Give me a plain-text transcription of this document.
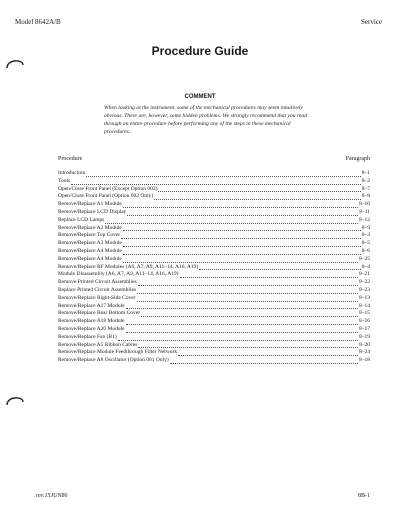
Model 8642A/B	Service
Procedure Guide
COMMENT
When looking at the instrument, some of the mechanical procedures may seem intuitively obvious. There are, however, some hidden problems. We strongly recommend that you read through an entire procedure before performing any of the steps in these mechanical procedures.
Procedure	Paragraph
Introduction	8–1
Tools	8–2
Open/Close Front Panel (Except Option 002)	8–7
Open/Close Front Panel (Option 002 Only)	8–8
Remove/Replace A1 Module	8–10
Remove/Replace LCD Display	8–11
Replace LCD Lamps	8–12
Remove/Replace A2 Module	8–9
Remove/Replace Top Cover	8–3
Remove/Replace A3 Module	8–5
Remove/Replace A4 Module	8–6
Remove/Replace A4 Module	8–25
Remove/Replace RF Modules (A6, A7, A9, A11–14, A16, A19)	8–4
Module Disassembly (A6, A7, A9, A11–14, A16, A19)	8–21
Remove Printed Circuit Assemblies	8–22
Replace Printed Circuit Assemblies	8–23
Remove/Replace Right-Side Cover	8–13
Remove/Replace A17 Module	8–14
Remove/Replace Rear Bottom Cover	8–15
Remove/Replace A18 Module	8–16
Remove/Replace A20 Module	8–17
Remove/Replace Fan (B1)	8–19
Remove/Replace A5 Ribbon Cables	8–20
Remove/Replace Module Feedthrough Filter Network	8–24
Remove/Replace A8 Oscillator (Option 001 Only)	8–18
rev.15JUN86	8B-1
